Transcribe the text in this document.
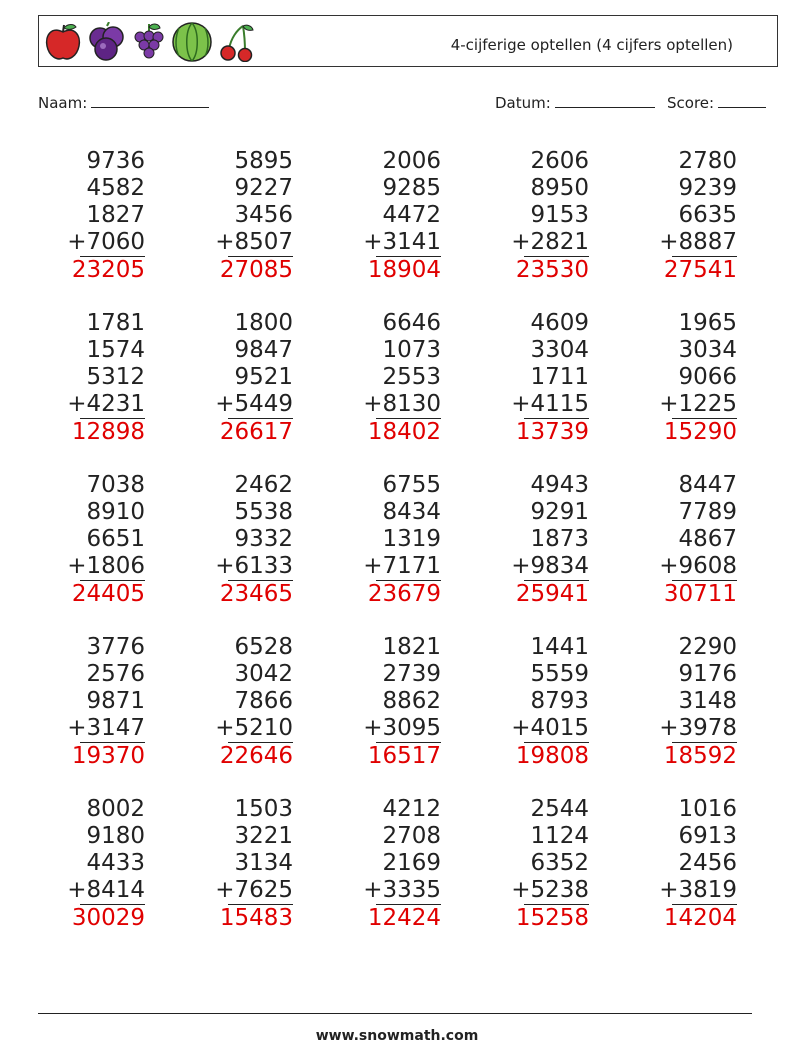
4-cijferige optellen (4 cijfers optellen)
Naam:	Datum:	Score:
9736
4582
1827
+7060
23205
5895
9227
3456
+8507
27085
2006
9285
4472
+3141
18904
2606
8950
9153
+2821
23530
2780
9239
6635
+8887
27541
1781
1574
5312
+4231
12898
1800
9847
9521
+5449
26617
6646
1073
2553
+8130
18402
4609
3304
1711
+4115
13739
1965
3034
9066
+1225
15290
7038
8910
6651
+1806
24405
2462
5538
9332
+6133
23465
6755
8434
1319
+7171
23679
4943
9291
1873
+9834
25941
8447
7789
4867
+9608
30711
3776
2576
9871
+3147
19370
6528
3042
7866
+5210
22646
1821
2739
8862
+3095
16517
1441
5559
8793
+4015
19808
2290
9176
3148
+3978
18592
8002
9180
4433
+8414
30029
1503
3221
3134
+7625
15483
4212
2708
2169
+3335
12424
2544
1124
6352
+5238
15258
1016
6913
2456
+3819
14204
www.snowmath.com
